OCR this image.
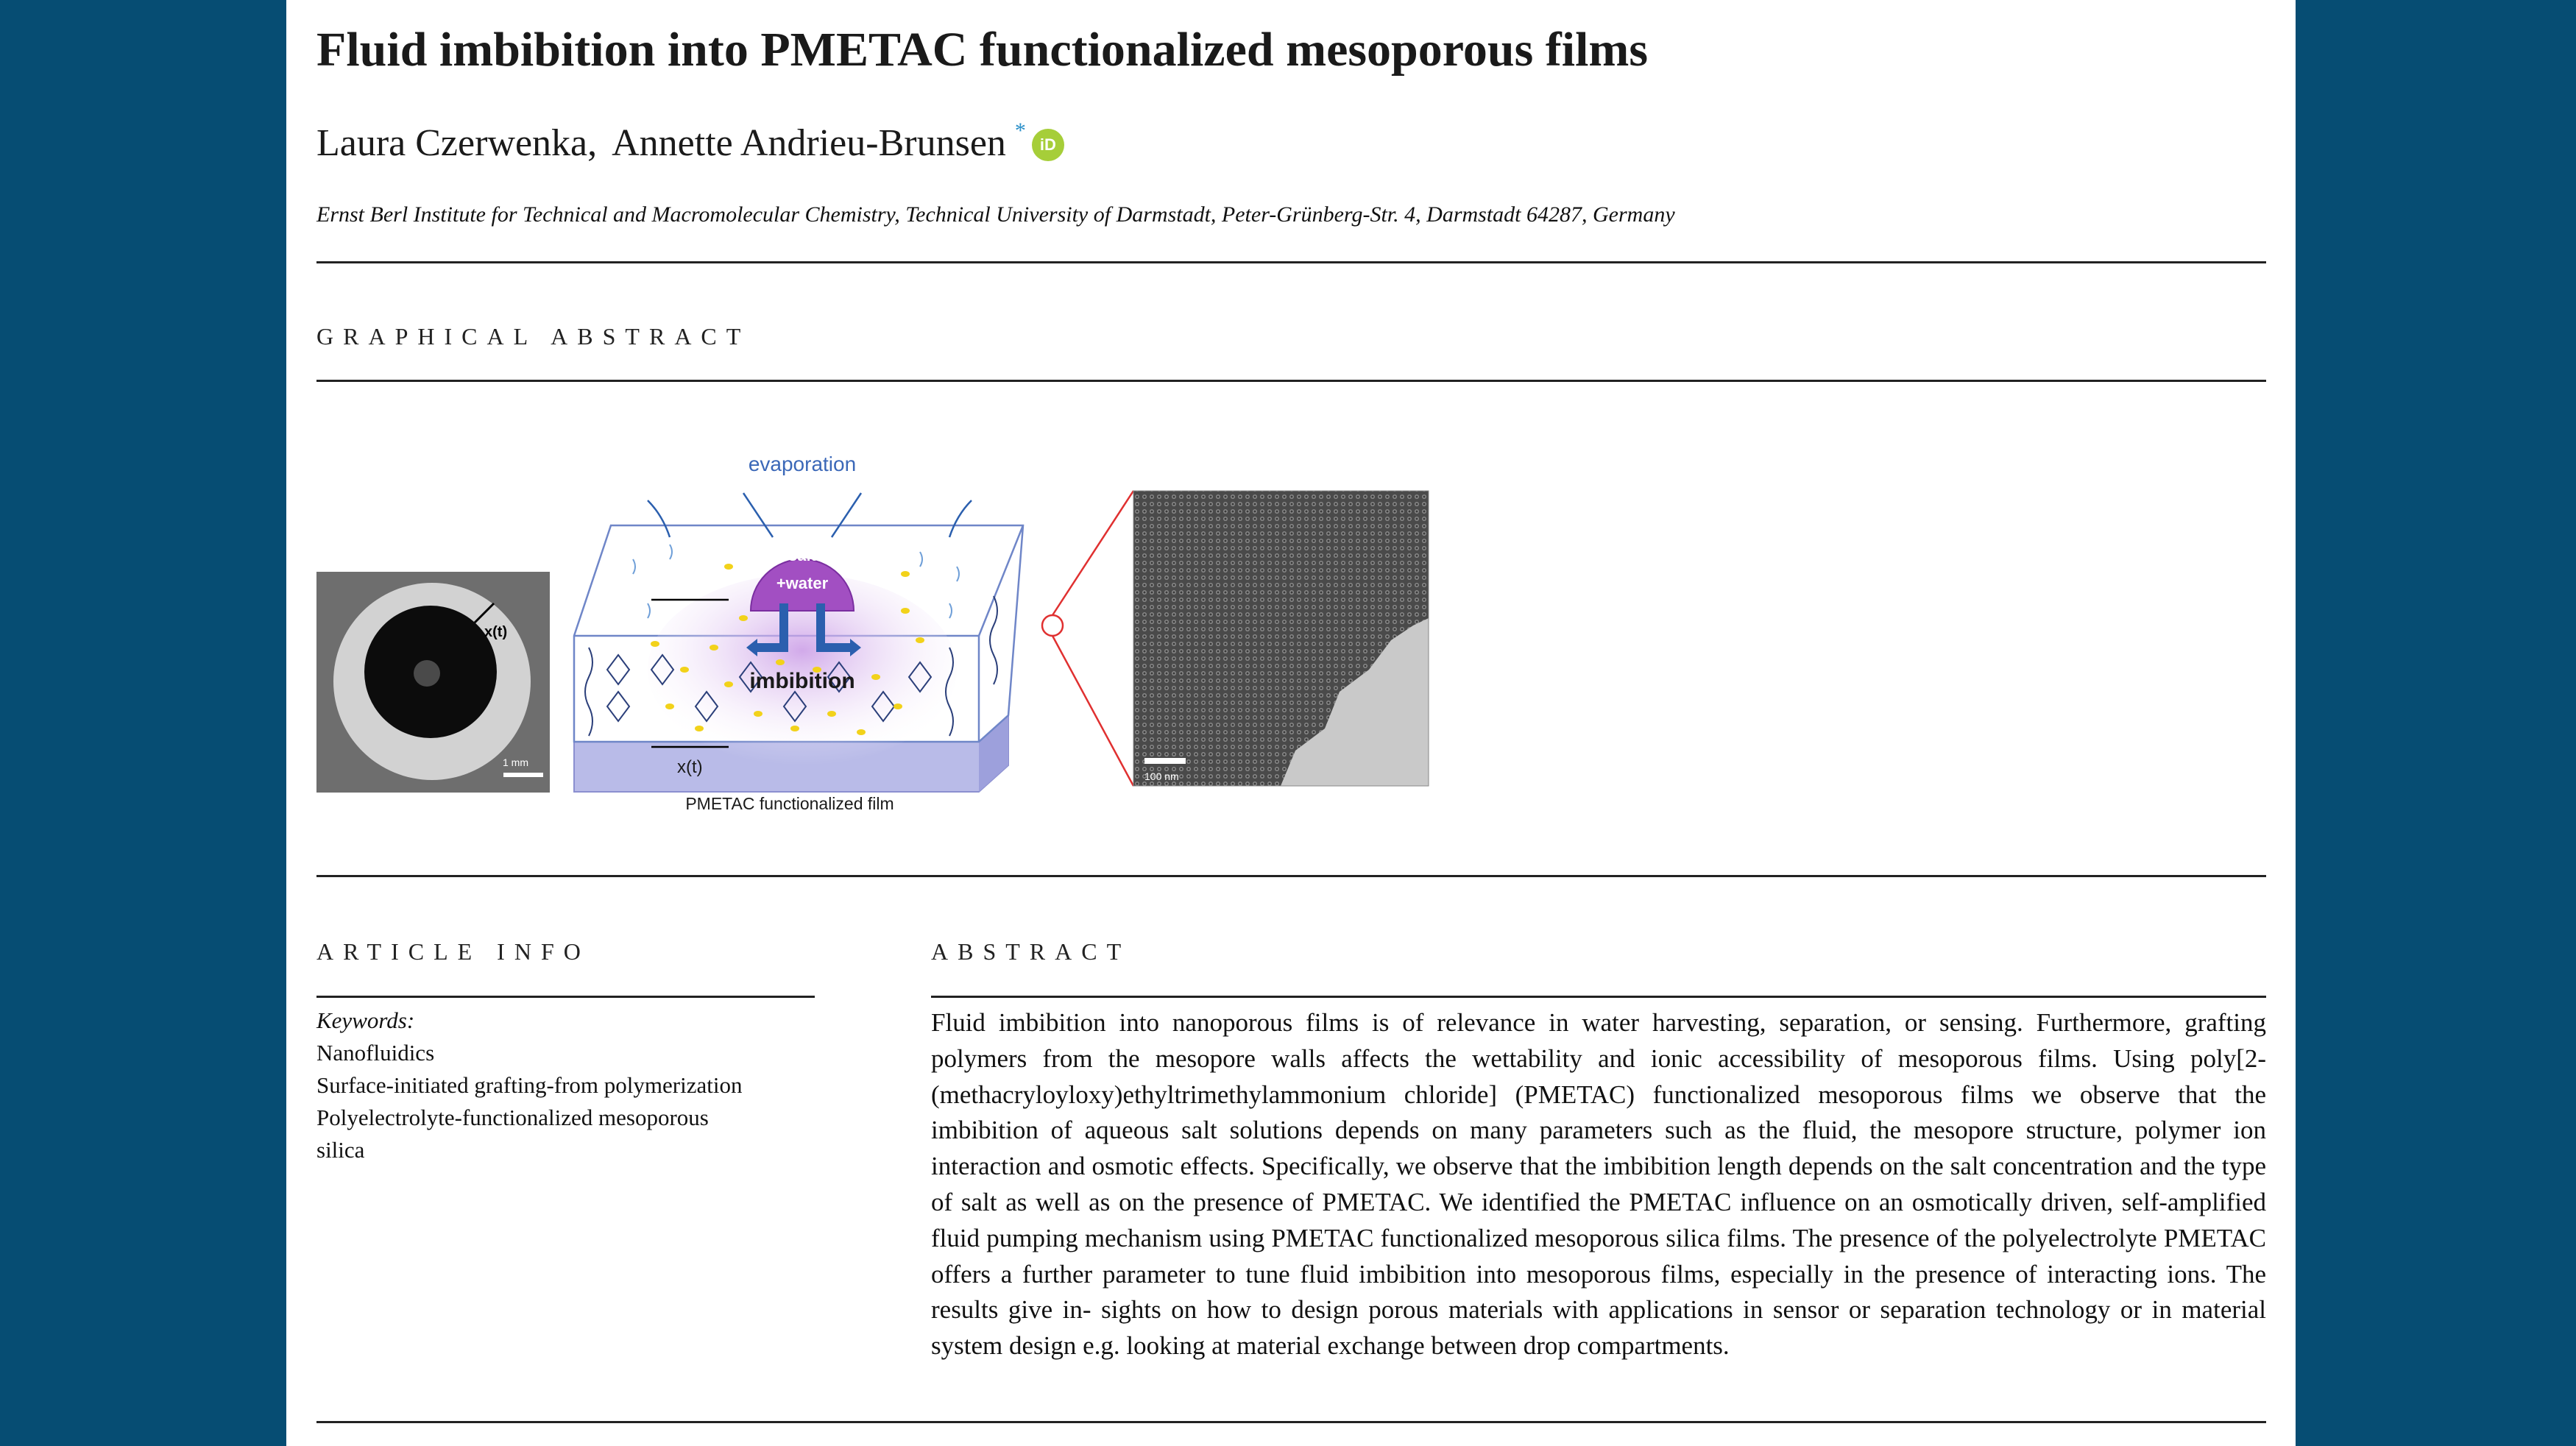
Fluid imbibition into PMETAC functionalized mesoporous films
Laura Czerwenka , Annette Andrieu-Brunsen *
iD
Ernst Berl Institute for Technical and Macromolecular Chemistry, Technical University of Darmstadt, Peter-Grünberg-Str. 4, Darmstadt 64287, Germany
GRAPHICAL ABSTRACT
x(t)
1 mm
salt
+water
imbibition
evaporation
x(t)
PMETAC functionalized film
100 nm
ARTICLE INFO	ABSTRACT
Keywords:
Nanofluidics
Surface-initiated grafting-from polymerization
Polyelectrolyte-functionalized mesoporous
silica
Fluid imbibition into nanoporous films is of relevance in water harvesting, separation, or sensing. Furthermore, grafting polymers from the mesopore walls affects the wettability and ionic accessibility of mesoporous films. Using poly[2-(methacryloyloxy)ethyltrimethylammonium chloride] (PMETAC) functionalized mesoporous films we observe that the imbibition of aqueous salt solutions depends on many parameters such as the fluid, the mesopore structure, polymer ion interaction and osmotic effects. Specifically, we observe that the imbibition length depends on the salt concentration and the type of salt as well as on the presence of PMETAC. We identified the PMETAC influence on an osmotically driven, self-amplified fluid pumping mechanism using PMETAC functionalized mesoporous silica films. The presence of the polyelectrolyte PMETAC offers a further parameter to tune fluid imbibition into mesoporous films, especially in the presence of interacting ions. The results give in- sights on how to design porous materials with applications in sensor or separation technology or in material system design e.g. looking at material exchange between drop compartments.
